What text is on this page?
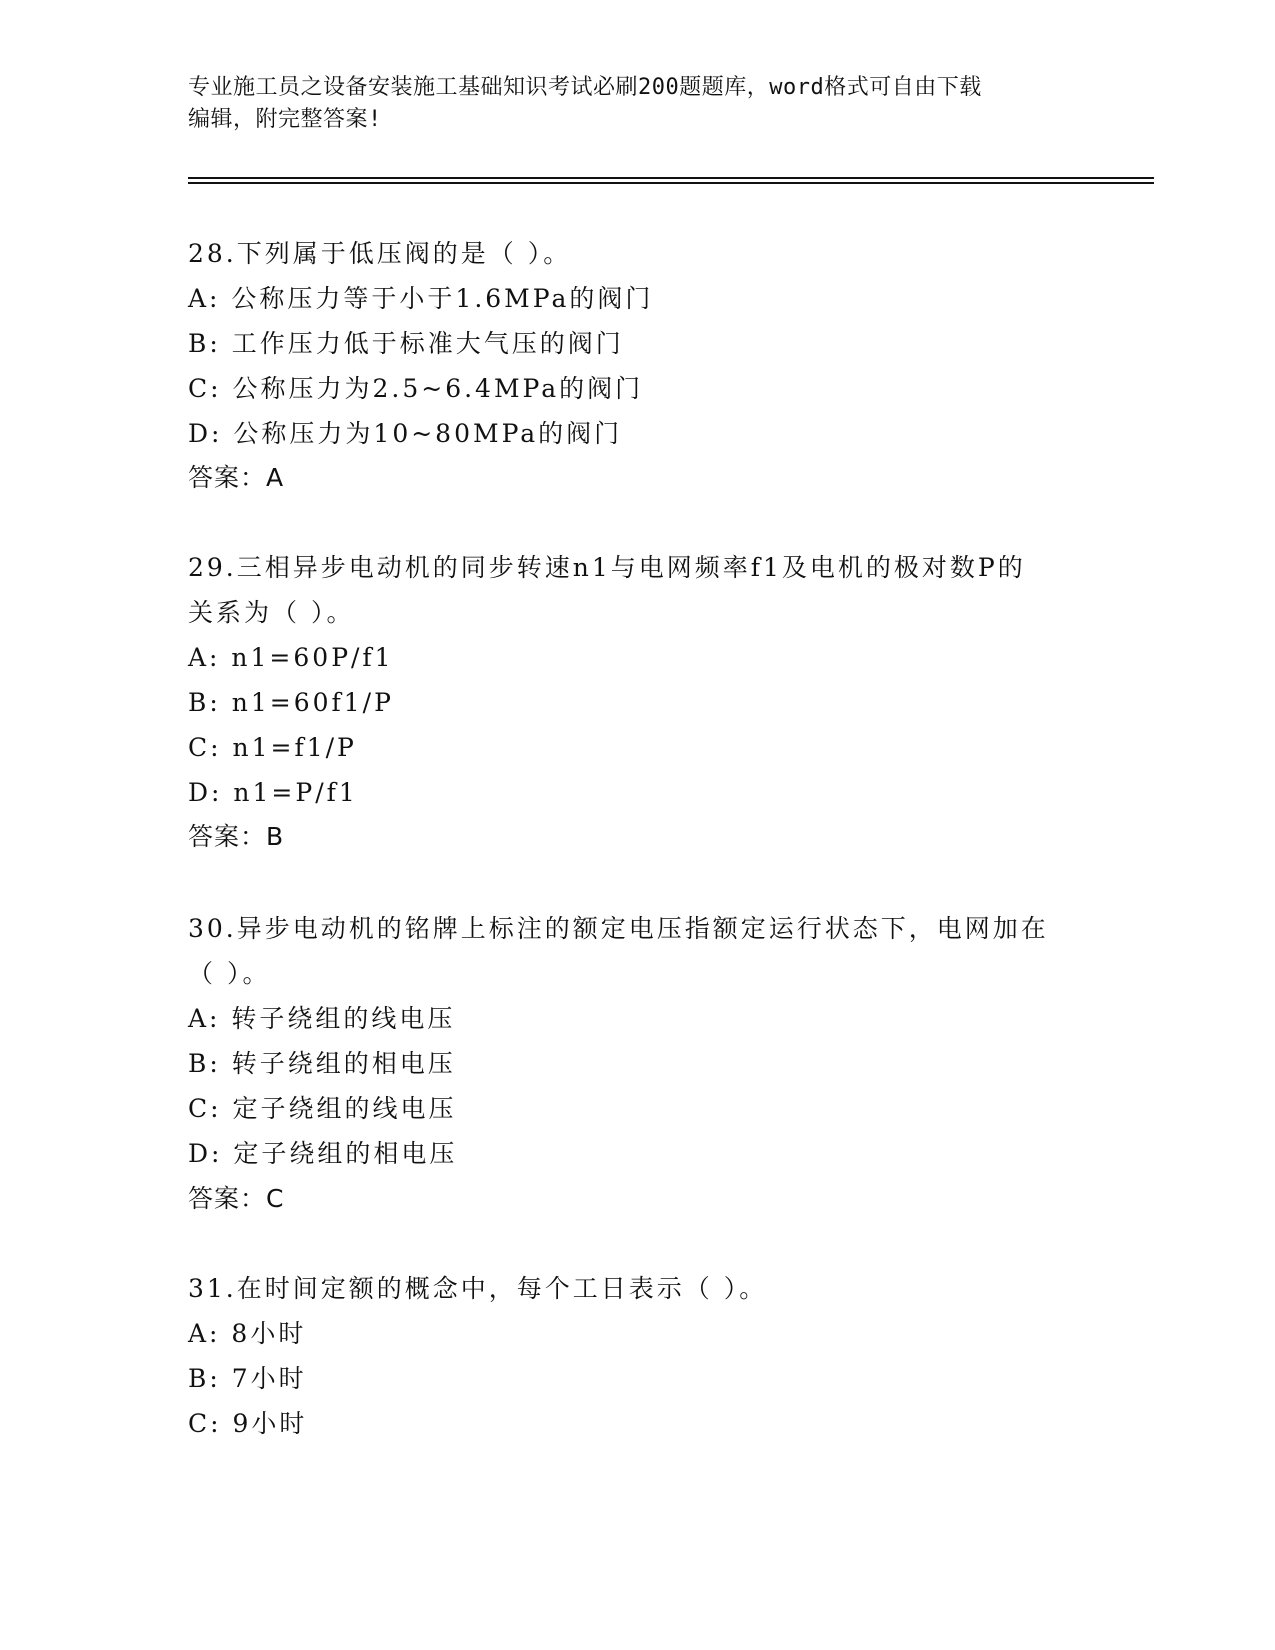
专业施工员之设备安装施工基础知识考试必刷200题题库，word格式可自由下载
编辑，附完整答案!
28.下列属于低压阀的是（ ）。
A: 公称压力等于小于1.6MPa的阀门
B: 工作压力低于标准大气压的阀门
C: 公称压力为2.5~6.4MPa的阀门
D: 公称压力为10~80MPa的阀门
答案：A
29.三相异步电动机的同步转速n1与电网频率f1及电机的极对数P的
关系为（ ）。
A: n1=60P/f1
B: n1=60f1/P
C: n1=f1/P
D: n1=P/f1
答案：B
30.异步电动机的铭牌上标注的额定电压指额定运行状态下，电网加在
（ ）。
A: 转子绕组的线电压
B: 转子绕组的相电压
C: 定子绕组的线电压
D: 定子绕组的相电压
答案：C
31.在时间定额的概念中，每个工日表示（ ）。
A: 8小时
B: 7小时
C: 9小时
